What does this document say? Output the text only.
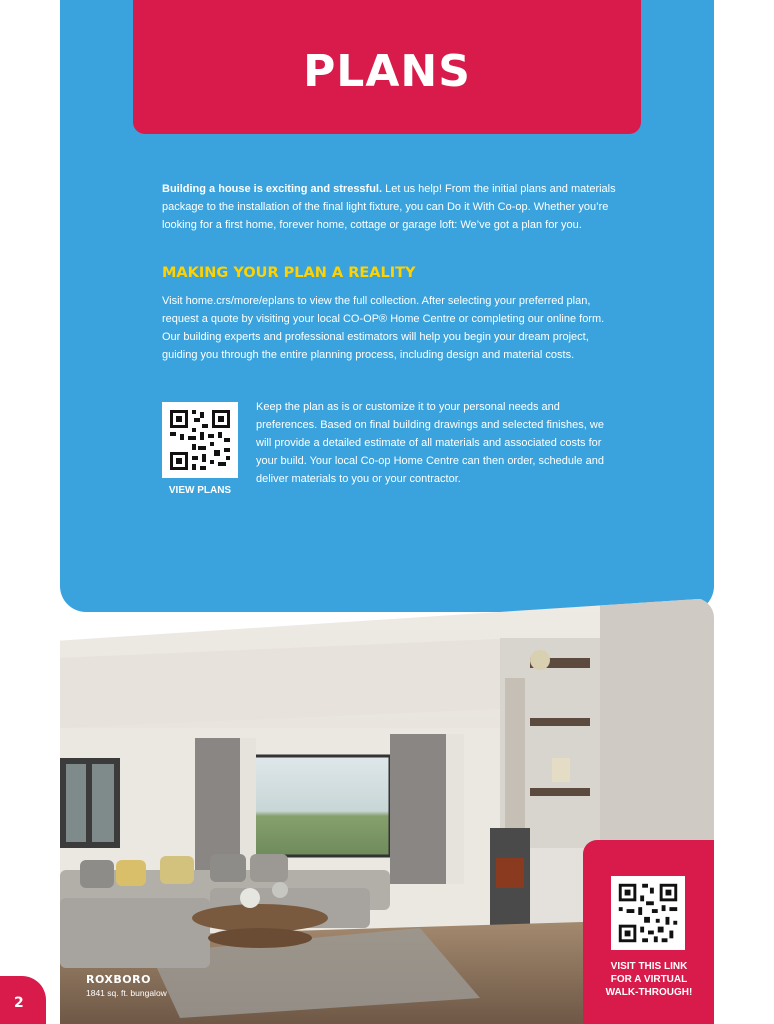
PLANS

Building a house is exciting and stressful. Let us help! From the initial plans and materials package to the installation of the final light fixture, you can Do it With Co-op. Whether you’re looking for a first home, forever home, cottage or garage loft: We’ve got a plan for you.

MAKING YOUR PLAN A REALITY

Visit home.crs/more/eplans to view the full collection. After selecting your preferred plan, request a quote by visiting your local CO-OP® Home Centre or completing our online form. Our building experts and professional estimators will help you begin your dream project, guiding you through the entire planning process, including design and material costs.

VIEW PLANS

Keep the plan as is or customize it to your personal needs and preferences. Based on final building drawings and selected finishes, we will provide a detailed estimate of all materials and associated costs for your build. Your local Co-op Home Centre can then order, schedule and deliver materials to you or your contractor.

VISIT THIS LINK
FOR A VIRTUAL
WALK-THROUGH!
2
ROXBORO
1841 sq. ft. bungalow
